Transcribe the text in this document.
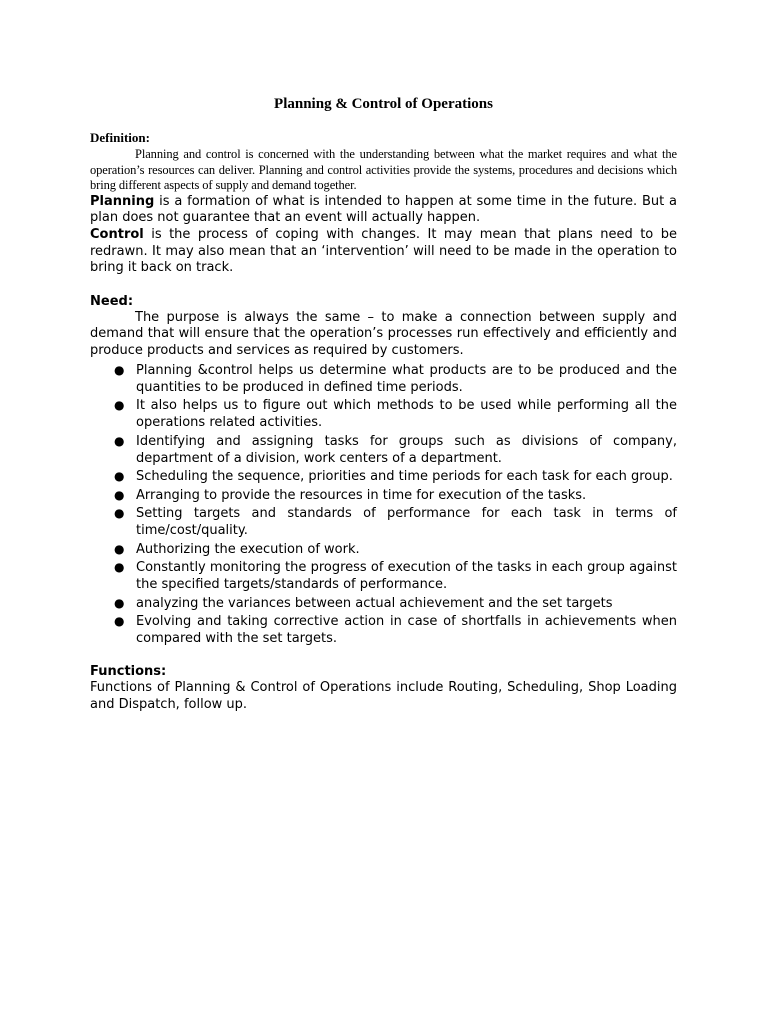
Planning & Control of Operations
Definition:

Planning and control is concerned with the understanding between what the market requires and what the operation’s resources can deliver. Planning and control activities provide the systems, procedures and decisions which bring different aspects of supply and demand together.

Planning is a formation of what is intended to happen at some time in the future. But a plan does not guarantee that an event will actually happen.

Control is the process of coping with changes. It may mean that plans need to be redrawn. It may also mean that an ‘intervention’ will need to be made in the operation to bring it back on track.

Need:

The purpose is always the same – to make a connection between supply and demand that will ensure that the operation’s processes run effectively and efficiently and produce products and services as required by customers.

● Planning &control helps us determine what products are to be produced and the quantities to be produced in defined time periods.
● It also helps us to figure out which methods to be used while performing all the operations related activities.
● Identifying and assigning tasks for groups such as divisions of company, department of a division, work centers of a department.
● Scheduling the sequence, priorities and time periods for each task for each group.
● Arranging to provide the resources in time for execution of the tasks.
● Setting targets and standards of performance for each task in terms of time/cost/quality.
● Authorizing the execution of work.
● Constantly monitoring the progress of execution of the tasks in each group against the specified targets/standards of performance.
● analyzing the variances between actual achievement and the set targets
● Evolving and taking corrective action in case of shortfalls in achievements when compared with the set targets.
Functions:

Functions of Planning & Control of Operations include Routing, Scheduling, Shop Loading and Dispatch, follow up.
